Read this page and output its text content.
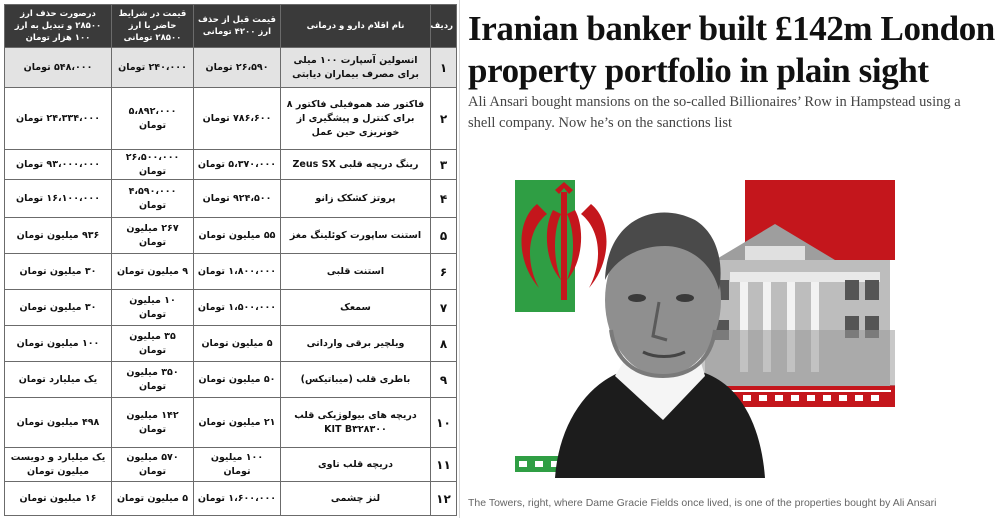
ردیف	نام اقلام دارو و درمانی	قیمت قبل از حذف ارز ۴۲۰۰ تومانی	قیمت در شرایط حاضر با ارز ۲۸۵۰۰ تومانی	درصورت حذف ارز ۲۸۵۰۰ و تبدیل به ارز ۱۰۰ هزار تومان
۱	انسولین آسپارت ۱۰۰ میلی برای مصرف بیماران دیابتی	۲۶،۵۹۰ تومان	۲۴۰،۰۰۰ تومان	۵۴۸،۰۰۰ تومان
۲	فاکتور ضد هموفیلی فاکتور ۸ برای کنترل و پیشگیری از خونریزی حین عمل	۷۸۶،۶۰۰ تومان	۵،۸۹۲،۰۰۰ تومان	۲۴،۳۳۴،۰۰۰ تومان
۳	رینگ دریچه قلبی Zeus SX	۵،۳۷۰،۰۰۰ تومان	۲۶،۵۰۰،۰۰۰ تومان	۹۳،۰۰۰،۰۰۰ تومان
۴	پروتز کشکک زانو	۹۲۴،۵۰۰ تومان	۴،۵۹۰،۰۰۰ تومان	۱۶،۱۰۰،۰۰۰ تومان
۵	استنت ساپورت کوئلینگ مغز	۵۵ میلیون تومان	۲۶۷ میلیون تومان	۹۳۶ میلیون تومان
۶	استنت قلبی	۱،۸۰۰،۰۰۰ تومان	۹ میلیون تومان	۳۰ میلیون تومان
۷	سمعک	۱،۵۰۰،۰۰۰ تومان	۱۰ میلیون تومان	۳۰ میلیون تومان
۸	ویلچیر برقی وارداتی	۵ میلیون تومان	۳۵ میلیون تومان	۱۰۰ میلیون تومان
۹	باطری قلب (میباتیکس)	۵۰ میلیون تومان	۳۵۰ میلیون تومان	یک میلیارد تومان
۱۰	دریچه های بیولوژیکی قلب KIT B۳۲۸۳۰۰	۲۱ میلیون تومان	۱۴۲ میلیون تومان	۴۹۸ میلیون تومان
۱۱	دریچه قلب تاوی	۱۰۰ میلیون تومان	۵۷۰ میلیون تومان	یک میلیارد و دویست میلیون تومان
۱۲	لنز چشمی	۱،۶۰۰،۰۰۰ تومان	۵ میلیون تومان	۱۶ میلیون تومان
Iranian banker built £142m London
property portfolio in plain sight
Ali Ansari bought mansions on the so-called Billionaires’ Row in Hampstead using a
shell company. Now he’s on the sanctions list
The Towers, right, where Dame Gracie Fields once lived, is one of the properties bought by Ali Ansari
